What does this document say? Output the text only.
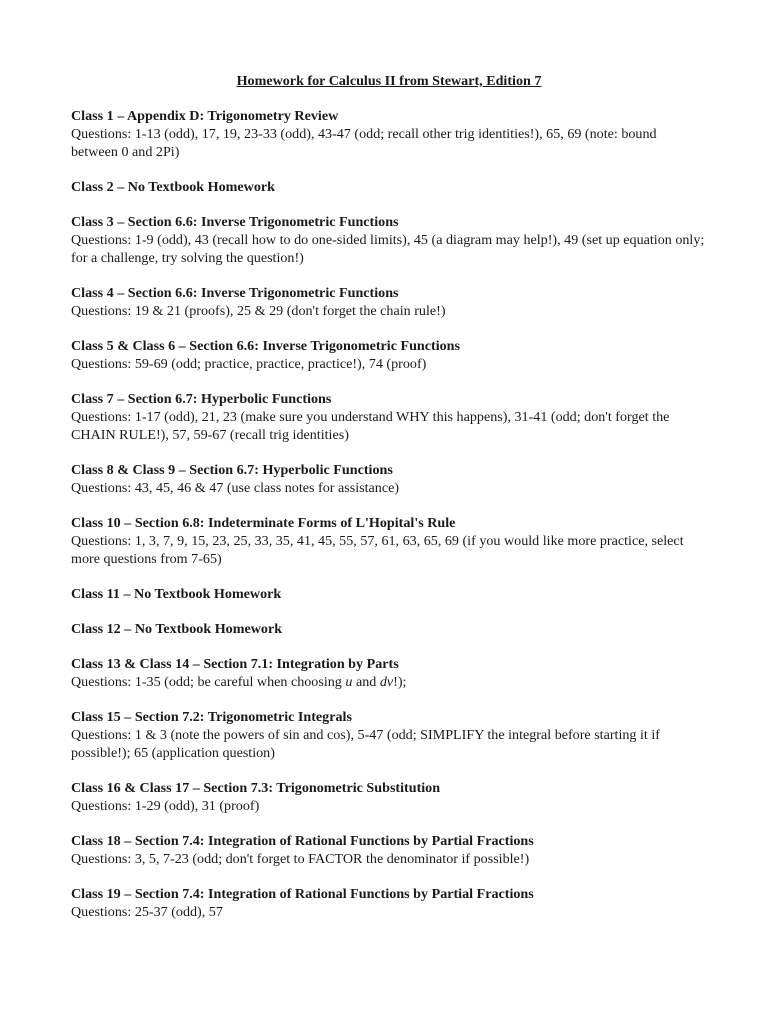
Homework for Calculus II from Stewart, Edition 7

Class 1 – Appendix D: Trigonometry Review

Questions: 1-13 (odd), 17, 19, 23-33 (odd), 43-47 (odd; recall other trig identities!), 65, 69 (note: bound between 0 and 2Pi)

Class 2 – No Textbook Homework

Class 3 – Section 6.6: Inverse Trigonometric Functions

Questions: 1-9 (odd), 43 (recall how to do one-sided limits), 45 (a diagram may help!), 49 (set up equation only; for a challenge, try solving the question!)

Class 4 – Section 6.6: Inverse Trigonometric Functions

Questions: 19 & 21 (proofs), 25 & 29 (don't forget the chain rule!)

Class 5 & Class 6 – Section 6.6: Inverse Trigonometric Functions

Questions: 59-69 (odd; practice, practice, practice!), 74 (proof)

Class 7 – Section 6.7: Hyperbolic Functions

Questions: 1-17 (odd), 21, 23 (make sure you understand WHY this happens), 31-41 (odd; don't forget the CHAIN RULE!), 57, 59-67 (recall trig identities)

Class 8 & Class 9 – Section 6.7: Hyperbolic Functions

Questions: 43, 45, 46 & 47 (use class notes for assistance)

Class 10 – Section 6.8: Indeterminate Forms of L'Hopital's Rule

Questions: 1, 3, 7, 9, 15, 23, 25, 33, 35, 41, 45, 55, 57, 61, 63, 65, 69 (if you would like more practice, select more questions from 7-65)

Class 11 – No Textbook Homework

Class 12 – No Textbook Homework

Class 13 & Class 14 – Section 7.1: Integration by Parts

Questions: 1-35 (odd; be careful when choosing u and dv!);

Class 15 – Section 7.2: Trigonometric Integrals

Questions: 1 & 3 (note the powers of sin and cos), 5-47 (odd; SIMPLIFY the integral before starting it if possible!); 65 (application question)

Class 16 & Class 17 – Section 7.3: Trigonometric Substitution

Questions: 1-29 (odd), 31 (proof)

Class 18 – Section 7.4: Integration of Rational Functions by Partial Fractions

Questions: 3, 5, 7-23 (odd; don't forget to FACTOR the denominator if possible!)

Class 19 – Section 7.4: Integration of Rational Functions by Partial Fractions

Questions: 25-37 (odd), 57
